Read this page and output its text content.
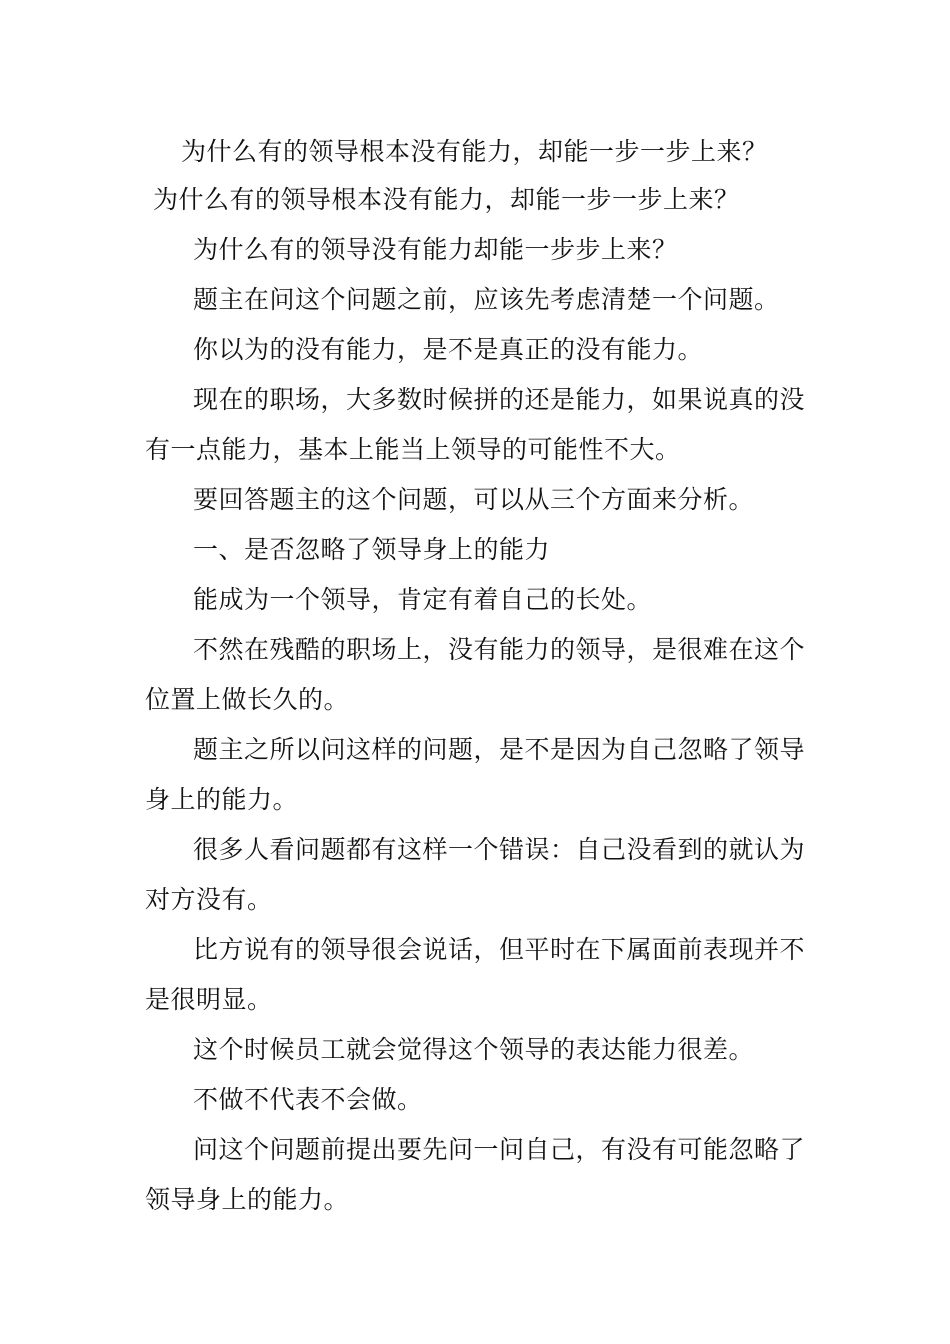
为什么有的领导根本没有能力，却能一步一步上来？
为什么有的领导根本没有能力，却能一步一步上来？
为什么有的领导没有能力却能一步步上来？
题主在问这个问题之前，应该先考虑清楚一个问题。
你以为的没有能力，是不是真正的没有能力。
现在的职场，大多数时候拼的还是能力，如果说真的没
有一点能力，基本上能当上领导的可能性不大。
要回答题主的这个问题，可以从三个方面来分析。
一、是否忽略了领导身上的能力
能成为一个领导，肯定有着自己的长处。
不然在残酷的职场上，没有能力的领导，是很难在这个
位置上做长久的。
题主之所以问这样的问题，是不是因为自己忽略了领导
身上的能力。
很多人看问题都有这样一个错误：自己没看到的就认为
对方没有。
比方说有的领导很会说话，但平时在下属面前表现并不
是很明显。
这个时候员工就会觉得这个领导的表达能力很差。
不做不代表不会做。
问这个问题前提出要先问一问自己，有没有可能忽略了
领导身上的能力。
